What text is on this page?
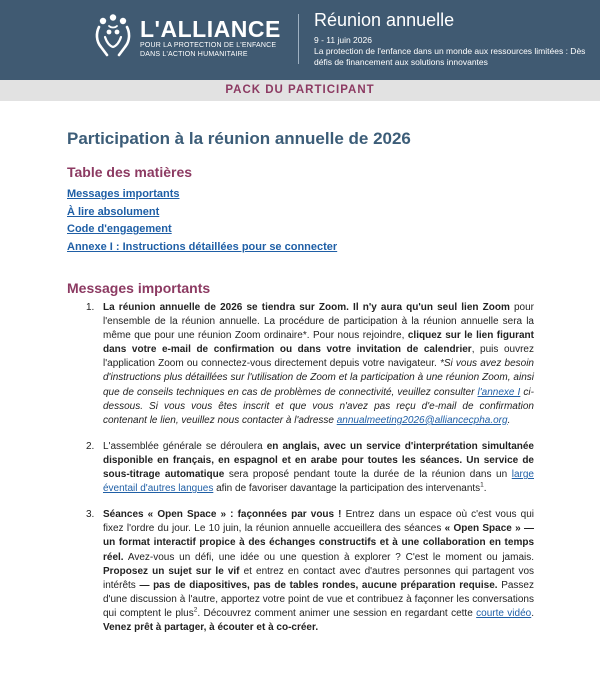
L'ALLIANCE
POUR LA PROTECTION DE L'ENFANCE
DANS L'ACTION HUMANITAIRE
Réunion annuelle
9 - 11 juin 2026
La protection de l'enfance dans un monde aux ressources limitées : Dès défis de financement aux solutions innovantes
PACK DU PARTICIPANT
Participation à la réunion annuelle de 2026
Table des matières
Messages importants
À lire absolument
Code d'engagement
Annexe I : Instructions détaillées pour se connecter
Messages importants
1. La réunion annuelle de 2026 se tiendra sur Zoom. Il n'y aura qu'un seul lien Zoom pour l'ensemble de la réunion annuelle. La procédure de participation à la réunion annuelle sera la même que pour une réunion Zoom ordinaire*. Pour nous rejoindre, cliquez sur le lien figurant dans votre e-mail de confirmation ou dans votre invitation de calendrier, puis ouvrez l'application Zoom ou connectez-vous directement depuis votre navigateur. *Si vous avez besoin d'instructions plus détaillées sur l'utilisation de Zoom et la participation à une réunion Zoom, ainsi que de conseils techniques en cas de problèmes de connectivité, veuillez consulter l'annexe I ci-dessous. Si vous vous êtes inscrit et que vous n'avez pas reçu d'e-mail de confirmation contenant le lien, veuillez nous contacter à l'adresse annualmeeting2026@alliancecpha.org.
2. L'assemblée générale se déroulera en anglais, avec un service d'interprétation simultanée disponible en français, en espagnol et en arabe pour toutes les séances. Un service de sous-titrage automatique sera proposé pendant toute la durée de la réunion dans un large éventail d'autres langues afin de favoriser davantage la participation des intervenants$^1$.
3. Séances « Open Space » : façonnées par vous ! Entrez dans un espace où c'est vous qui fixez l'ordre du jour. Le 10 juin, la réunion annuelle accueillera des séances « Open Space » — un format interactif propice à des échanges constructifs et à une collaboration en temps réel. Avez-vous un défi, une idée ou une question à explorer ? C'est le moment ou jamais. Proposez un sujet sur le vif et entrez en contact avec d'autres personnes qui partagent vos intérêts — pas de diapositives, pas de tables rondes, aucune préparation requise. Passez d'une discussion à l'autre, apportez votre point de vue et contribuez à façonner les conversations qui comptent le plus$^2$. Découvrez comment animer une session en regardant cette courte vidéo. Venez prêt à partager, à écouter et à co-créer.
